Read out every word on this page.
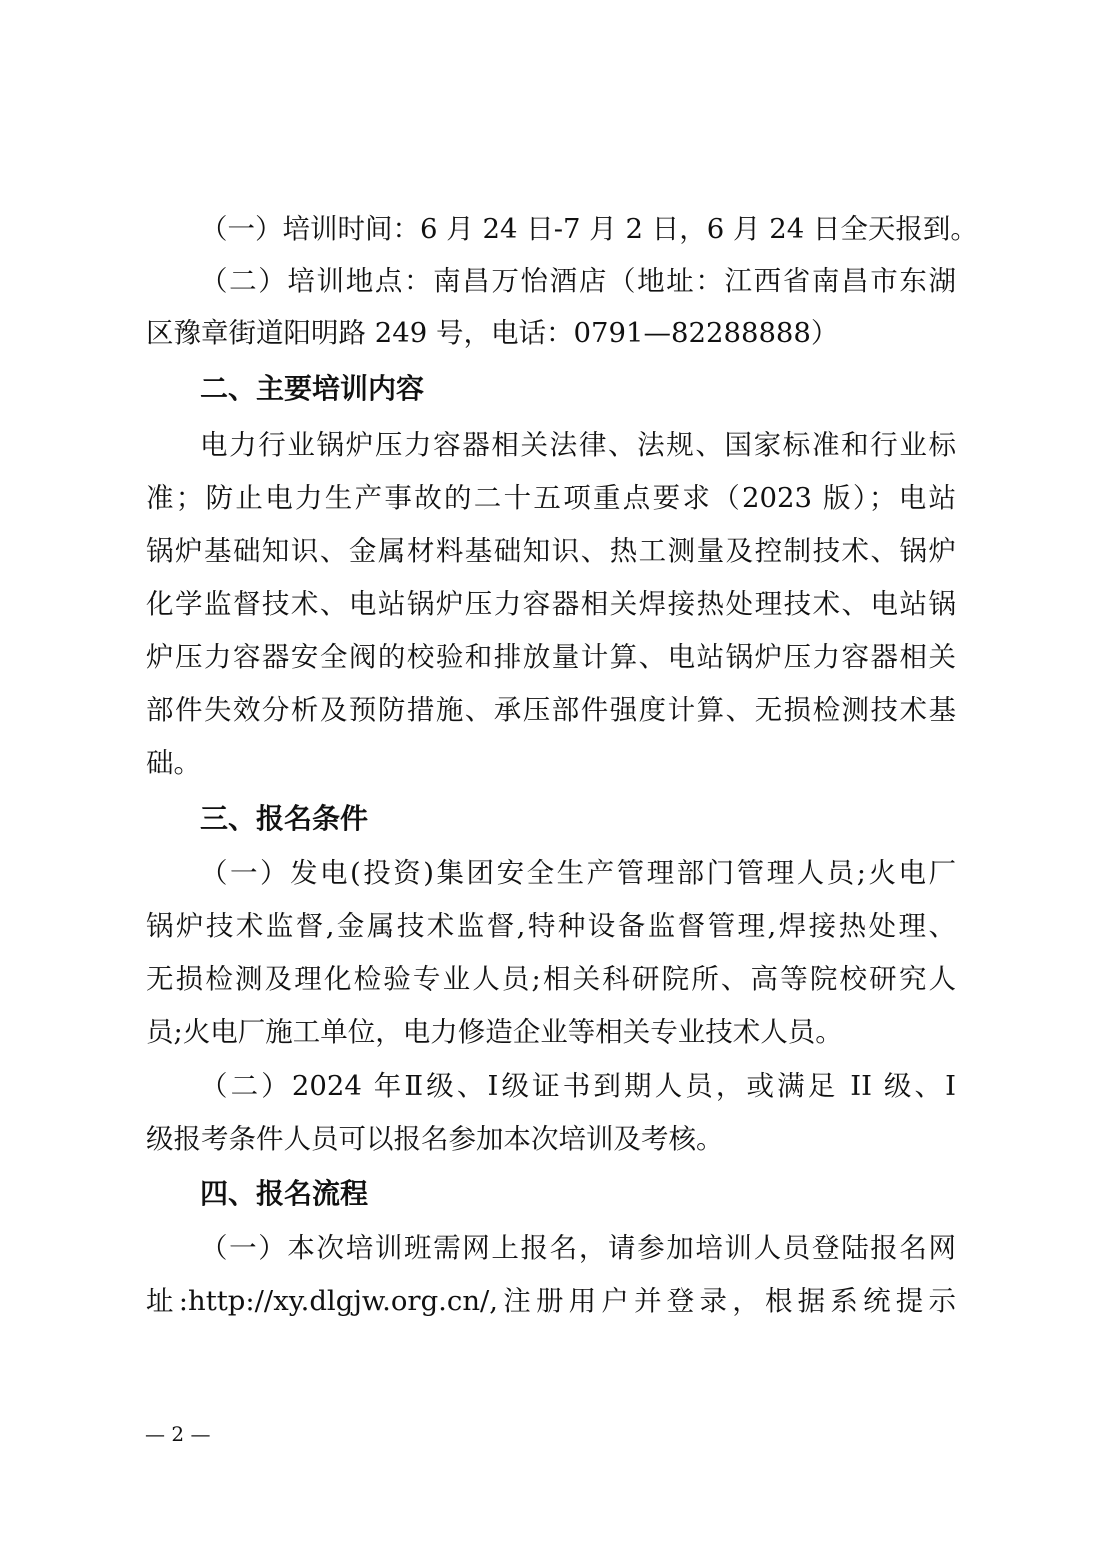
（一）培训时间：6 月 24 日-7 月 2 日，6 月 24 日全天报到。
（二）培训地点：南昌万怡酒店（地址：江西省南昌市东湖
区豫章街道阳明路 249 号，电话：0791—82288888）
二、主要培训内容
电力行业锅炉压力容器相关法律、法规、国家标准和行业标
准；防止电力生产事故的二十五项重点要求（2023 版）；电站
锅炉基础知识、金属材料基础知识、热工测量及控制技术、锅炉
化学监督技术、电站锅炉压力容器相关焊接热处理技术、电站锅
炉压力容器安全阀的校验和排放量计算、电站锅炉压力容器相关
部件失效分析及预防措施、承压部件强度计算、无损检测技术基
础。
三、报名条件
（一）发电(投资)集团安全生产管理部门管理人员;火电厂
锅炉技术监督,金属技术监督,特种设备监督管理,焊接热处理、
无损检测及理化检验专业人员;相关科研院所、高等院校研究人
员;火电厂施工单位，电力修造企业等相关专业技术人员。
（二）2024 年Ⅱ级、Ⅰ级证书到期人员，或满足 II 级、I
级报考条件人员可以报名参加本次培训及考核。
四、报名流程
（一）本次培训班需网上报名，请参加培训人员登陆报名网
址:http://xy.dlgjw.org.cn/,注册用户并登录，根据系统提示
— 2 —
